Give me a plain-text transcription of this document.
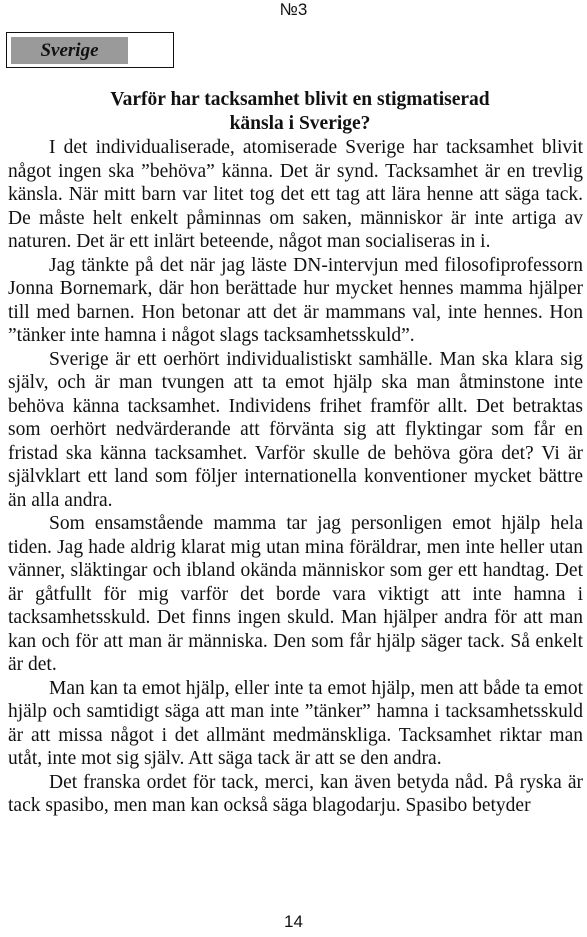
№3
Sverige
Varför har tacksamhet blivit en stigmatiserad
känsla i Sverige?

I det individualiserade, atomiserade Sverige har tacksamhet blivit något ingen ska ”behöva” känna. Det är synd. Tacksamhet är en trevlig känsla. När mitt barn var litet tog det ett tag att lära henne att säga tack. De måste helt enkelt påminnas om saken, människor är inte artiga av naturen. Det är ett inlärt beteende, något man socialiseras in i.

Jag tänkte på det när jag läste DN-intervjun med filosofiprofessorn Jonna Bornemark, där hon berättade hur mycket hennes mamma hjälper till med barnen. Hon betonar att det är mammans val, inte hennes. Hon ”tänker inte hamna i något slags tacksamhetsskuld”.

Sverige är ett oerhört individualistiskt samhälle. Man ska klara sig själv, och är man tvungen att ta emot hjälp ska man åtminstone inte behöva känna tacksamhet. Individens frihet framför allt. Det betraktas som oerhört nedvärderande att förvänta sig att flyktingar som får en fristad ska känna tacksamhet. Varför skulle de behöva göra det? Vi är självklart ett land som följer internationella konventioner mycket bättre än alla andra.

Som ensamstående mamma tar jag personligen emot hjälp hela tiden. Jag hade aldrig klarat mig utan mina föräldrar, men inte heller utan vänner, släktingar och ibland okända människor som ger ett handtag. Det är gåtfullt för mig varför det borde vara viktigt att inte hamna i tacksamhetsskuld. Det finns ingen skuld. Man hjälper andra för att man kan och för att man är människa. Den som får hjälp säger tack. Så enkelt är det.

Man kan ta emot hjälp, eller inte ta emot hjälp, men att både ta emot hjälp och samtidigt säga att man inte ”tänker” hamna i tacksamhetsskuld är att missa något i det allmänt medmänskliga. Tacksamhet riktar man utåt, inte mot sig själv. Att säga tack är att se den andra.

Det franska ordet för tack, merci, kan även betyda nåd. På ryska är tack spasibo, men man kan också säga blagodarju. Spasibo betyder

14
